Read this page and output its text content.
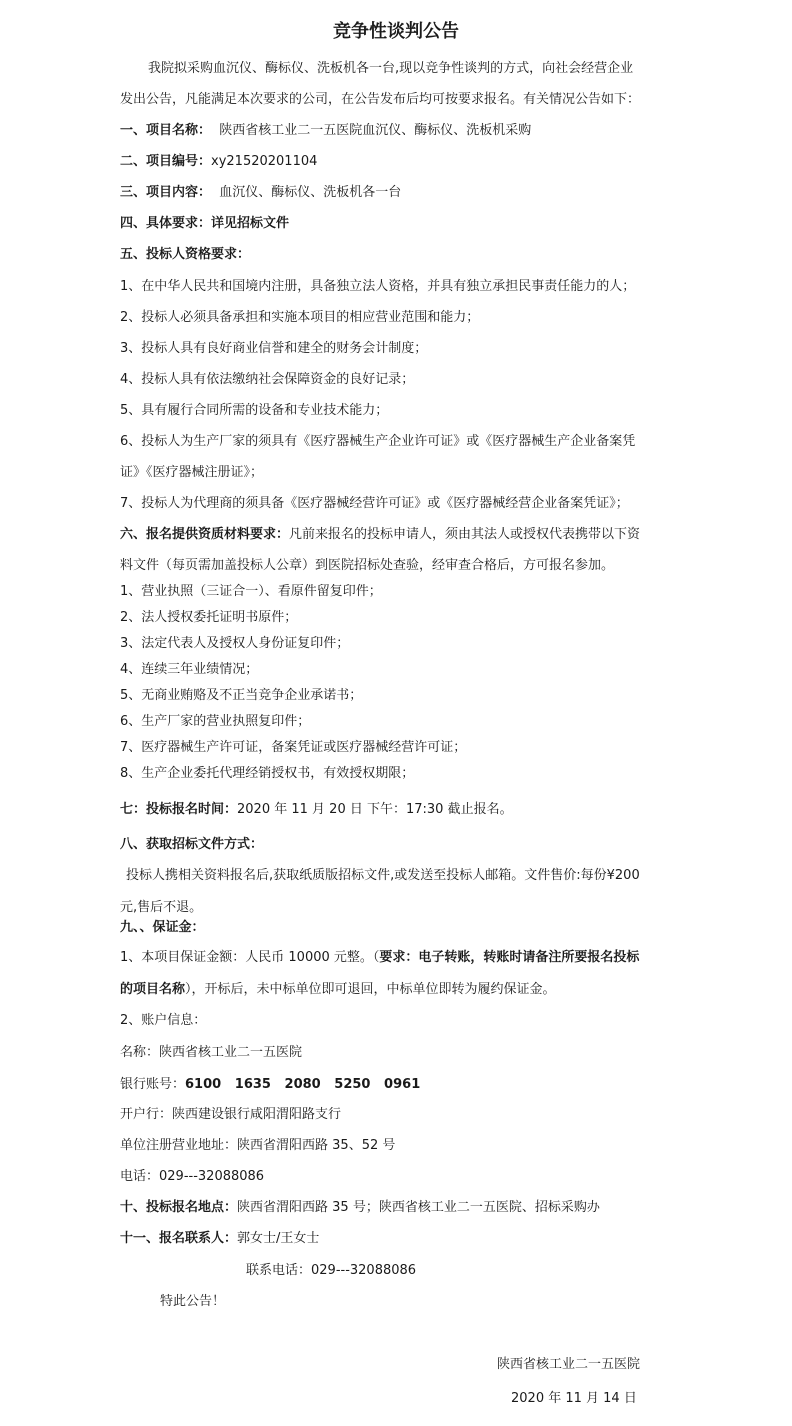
竞争性谈判公告
我院拟采购血沉仪、酶标仪、洗板机各一台,现以竞争性谈判的方式，向社会经营企业
发出公告，凡能满足本次要求的公司，在公告发布后均可按要求报名。有关情况公告如下：
一、项目名称： 陕西省核工业二一五医院血沉仪、酶标仪、洗板机采购
二、项目编号：xy21520201104
三、项目内容： 血沉仪、酶标仪、洗板机各一台
四、具体要求：详见招标文件
五、投标人资格要求：
1、在中华人民共和国境内注册，具备独立法人资格，并具有独立承担民事责任能力的人；
2、投标人必须具备承担和实施本项目的相应营业范围和能力；
3、投标人具有良好商业信誉和建全的财务会计制度；
4、投标人具有依法缴纳社会保障资金的良好记录；
5、具有履行合同所需的设备和专业技术能力；
6、投标人为生产厂家的须具有《医疗器械生产企业许可证》或《医疗器械生产企业备案凭
证》《医疗器械注册证》；
7、投标人为代理商的须具备《医疗器械经营许可证》或《医疗器械经营企业备案凭证》；
六、报名提供资质材料要求：凡前来报名的投标申请人，须由其法人或授权代表携带以下资
料文件（每页需加盖投标人公章）到医院招标处查验，经审查合格后，方可报名参加。
1、营业执照（三证合一）、看原件留复印件；
2、法人授权委托证明书原件；
3、法定代表人及授权人身份证复印件；
4、连续三年业绩情况；
5、无商业贿赂及不正当竞争企业承诺书；
6、生产厂家的营业执照复印件；
7、医疗器械生产许可证，备案凭证或医疗器械经营许可证；
8、生产企业委托代理经销授权书，有效授权期限；
七：投标报名时间：2020 年 11 月 20 日 下午：17:30 截止报名。
八、获取招标文件方式：
投标人携相关资料报名后,获取纸质版招标文件,或发送至投标人邮箱。文件售价:每份¥200
元,售后不退。
九、、保证金：
1、本项目保证金额：人民币 10000 元整。（要求：电子转账，转账时请备注所要报名投标
的项目名称），开标后，未中标单位即可退回，中标单位即转为履约保证金。
2、账户信息：
名称：陕西省核工业二一五医院
银行账号：6100   1635   2080   5250   0961
开户行：陕西建设银行咸阳渭阳路支行
单位注册营业地址：陕西省渭阳西路 35、52 号
电话：029---32088086
十、投标报名地点：陕西省渭阳西路 35 号；陕西省核工业二一五医院、招标采购办
十一、报名联系人：郭女士/王女士
联系电话：029---32088086
特此公告！
陕西省核工业二一五医院
2020 年 11 月 14 日
